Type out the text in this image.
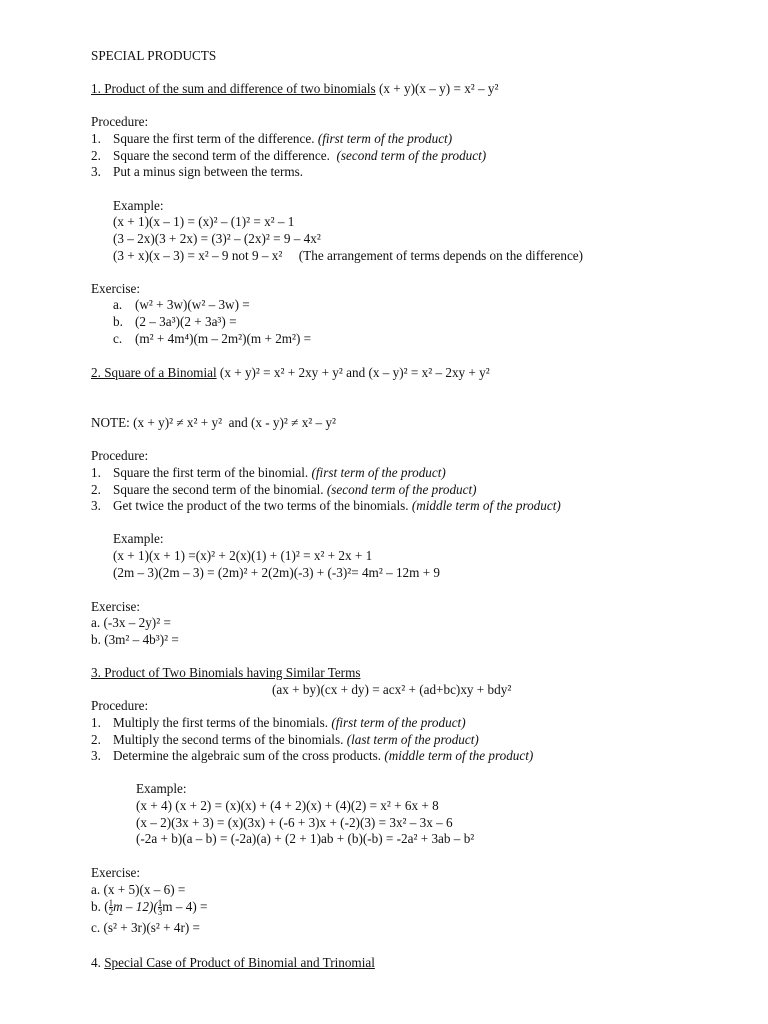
SPECIAL PRODUCTS
1. Product of the sum and difference of two binomials (x + y)(x – y) = x² – y²
Procedure:
1. Square the first term of the difference. (first term of the product)
2. Square the second term of the difference. (second term of the product)
3. Put a minus sign between the terms.
Example:
(x + 1)(x – 1) = (x)² – (1)² = x² – 1
(3 – 2x)(3 + 2x) = (3)² – (2x)² = 9 – 4x²
(3 + x)(x – 3) = x² – 9 not 9 – x²     (The arrangement of terms depends on the difference)
Exercise:
a. (w² + 3w)(w² – 3w) =
b. (2 – 3a³)(2 + 3a³) =
c. (m² + 4m⁴)(m – 2m²)(m + 2m²) =
2. Square of a Binomial (x + y)² = x² + 2xy + y² and (x – y)² = x² – 2xy + y²
NOTE: (x + y)² ≠ x² + y²  and (x - y)² ≠ x² – y²
Procedure:
1. Square the first term of the binomial. (first term of the product)
2. Square the second term of the binomial. (second term of the product)
3. Get twice the product of the two terms of the binomials. (middle term of the product)
Example:
(x + 1)(x + 1) =(x)² + 2(x)(1) + (1)² = x² + 2x + 1
(2m – 3)(2m – 3) = (2m)² + 2(2m)(-3) + (-3)²= 4m² – 12m + 9
Exercise:
a. (-3x – 2y)² =
b. (3m² – 4b³)² =
3. Product of Two Binomials having Similar Terms
(ax + by)(cx + dy) = acx² + (ad+bc)xy + bdy²
Procedure:
1. Multiply the first terms of the binomials. (first term of the product)
2. Multiply the second terms of the binomials. (last term of the product)
3. Determine the algebraic sum of the cross products. (middle term of the product)
Example:
(x + 4) (x + 2) = (x)(x) + (4 + 2)(x) + (4)(2) = x² + 6x + 8
(x – 2)(3x + 3) = (x)(3x) + (-6 + 3)x + (-2)(3) = 3x² – 3x – 6
(-2a + b)(a – b) = (-2a)(a) + (2 + 1)ab + (b)(-b) = -2a² + 3ab – b²
Exercise:
a. (x + 5)(x – 6) =
b. ( $\frac{1}{2}$ m – $12)( \frac{1}{3}$ m – 4) =
c. (s² + 3r)(s² + 4r) =
4. Special Case of Product of Binomial and Trinomial
